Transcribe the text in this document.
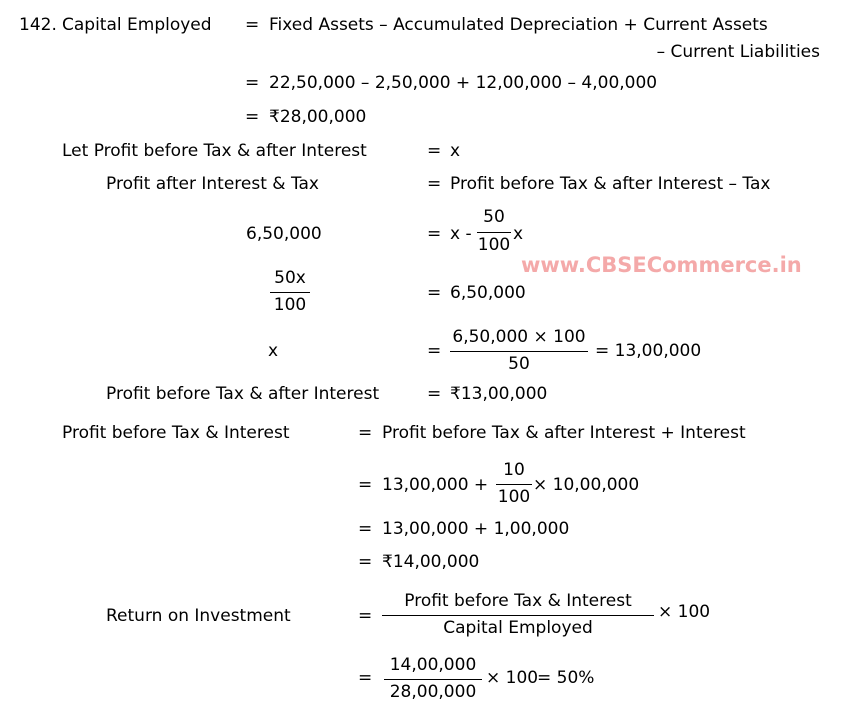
www.CBSECommerce.in
142. Capital Employed = Fixed Assets – Accumulated Depreciation + Current Assets
– Current Liabilities
= 22,50,000 – 2,50,000 + 12,00,000 – 4,00,000
= ₹28,00,000
Let Profit before Tax & after Interest	= x
Profit after Interest & Tax	= Profit before Tax & after Interest – Tax
6,50,000	= x -
50
100
x
50x
100
= 6,50,000
x	=
6,50,000 × 100
50
= 13,00,000
Profit before Tax & after Interest	= ₹13,00,000
Profit before Tax & Interest	= Profit before Tax & after Interest + Interest
= 13,00,000 +
10
100
× 10,00,000
= 13,00,000 + 1,00,000
= ₹14,00,000
Return on Investment	=
Profit before Tax & Interest
Capital Employed
× 100
=
14,00,000
28,00,000
× 100
= 50%
